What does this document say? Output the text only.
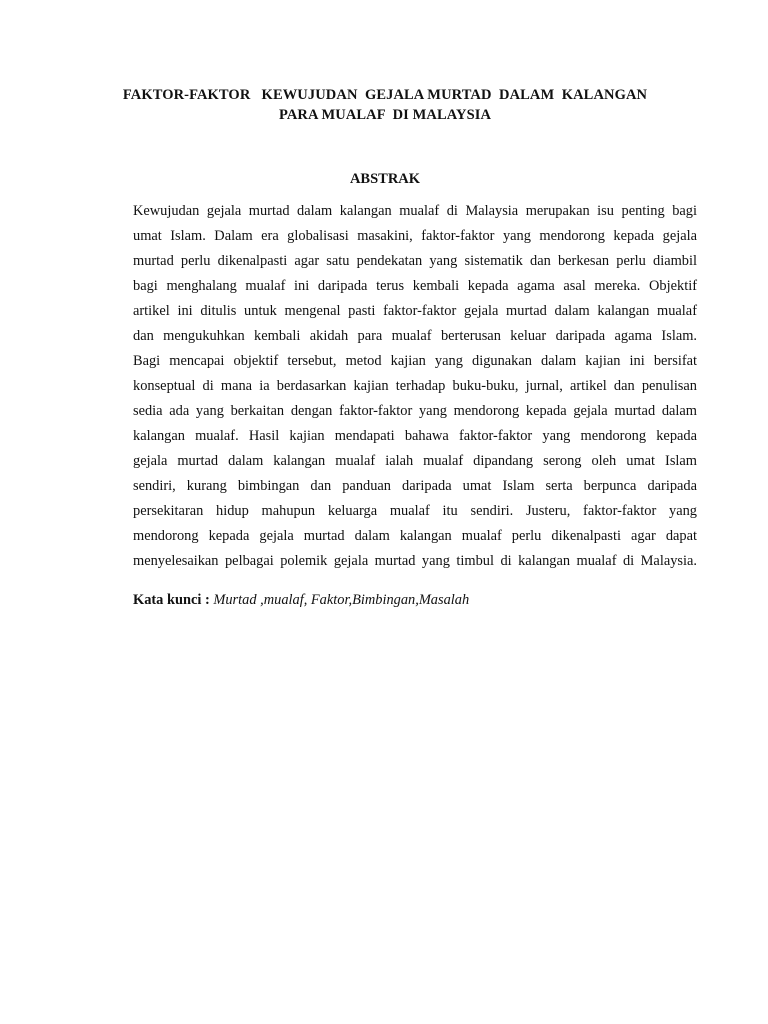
FAKTOR-FAKTOR   KEWUJUDAN  GEJALA MURTAD  DALAM  KALANGAN
PARA MUALAF  DI MALAYSIA
ABSTRAK
Kewujudan gejala murtad dalam kalangan mualaf di Malaysia merupakan isu penting bagi
umat Islam. Dalam era globalisasi masakini, faktor-faktor yang mendorong kepada gejala
murtad perlu dikenalpasti agar satu pendekatan yang sistematik dan berkesan perlu diambil
bagi menghalang mualaf ini daripada terus kembali kepada agama asal mereka. Objektif
artikel ini ditulis untuk mengenal pasti faktor-faktor gejala murtad dalam kalangan mualaf
dan mengukuhkan kembali akidah para mualaf berterusan keluar daripada agama Islam.
Bagi mencapai objektif tersebut, metod kajian yang digunakan dalam kajian ini bersifat
konseptual di mana ia berdasarkan kajian terhadap buku-buku, jurnal, artikel dan penulisan
sedia ada yang berkaitan dengan faktor-faktor yang mendorong kepada gejala murtad dalam
kalangan mualaf. Hasil kajian mendapati bahawa faktor-faktor yang mendorong kepada
gejala murtad dalam kalangan mualaf ialah mualaf dipandang serong oleh umat Islam
sendiri, kurang bimbingan dan panduan daripada umat Islam serta berpunca daripada
persekitaran hidup mahupun keluarga mualaf itu sendiri. Justeru, faktor-faktor yang
mendorong kepada gejala murtad dalam kalangan mualaf perlu dikenalpasti agar dapat
menyelesaikan pelbagai polemik gejala murtad yang timbul di kalangan mualaf di Malaysia.
Kata kunci : Murtad ,mualaf, Faktor,Bimbingan,Masalah
